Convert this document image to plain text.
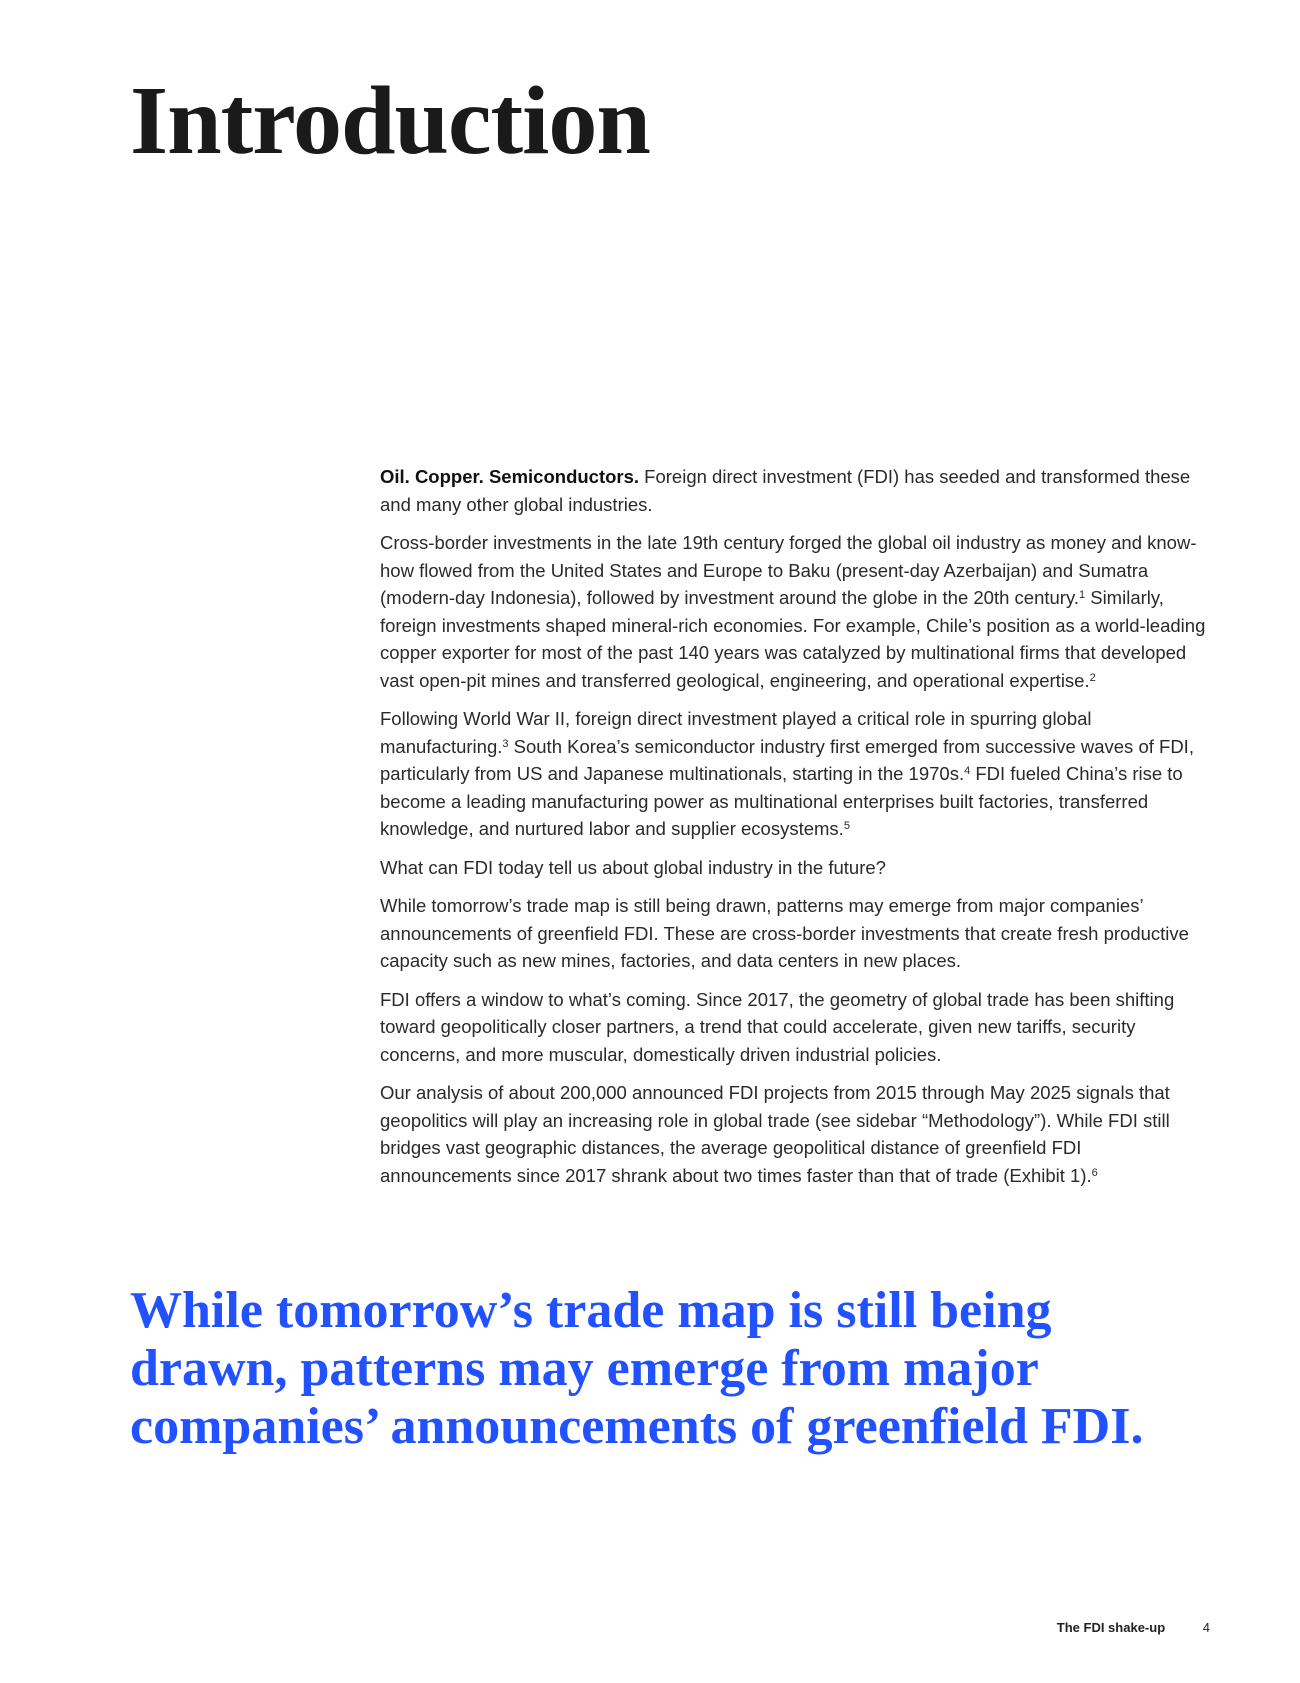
Introduction

Oil. Copper. Semiconductors. Foreign direct investment (FDI) has seeded and transformed these and many other global industries.

Cross-border investments in the late 19th century forged the global oil industry as money and know-how flowed from the United States and Europe to Baku (present-day Azerbaijan) and Sumatra (modern-day Indonesia), followed by investment around the globe in the 20th century.$^1$ Similarly, foreign investments shaped mineral-rich economies. For example, Chile’s position as a world-leading copper exporter for most of the past 140 years was catalyzed by multinational firms that developed vast open-pit mines and transferred geological, engineering, and operational expertise.$^2$

Following World War II, foreign direct investment played a critical role in spurring global manufacturing.$^3$ South Korea’s semiconductor industry first emerged from successive waves of FDI, particularly from US and Japanese multinationals, starting in the 1970s.$^4$ FDI fueled China’s rise to become a leading manufacturing power as multinational enterprises built factories, transferred knowledge, and nurtured labor and supplier ecosystems.$^5$

What can FDI today tell us about global industry in the future?

While tomorrow’s trade map is still being drawn, patterns may emerge from major companies’ announcements of greenfield FDI. These are cross-border investments that create fresh productive capacity such as new mines, factories, and data centers in new places.

FDI offers a window to what’s coming. Since 2017, the geometry of global trade has been shifting toward geopolitically closer partners, a trend that could accelerate, given new tariffs, security concerns, and more muscular, domestically driven industrial policies.

Our analysis of about 200,000 announced FDI projects from 2015 through May 2025 signals that geopolitics will play an increasing role in global trade (see sidebar “Methodology”). While FDI still bridges vast geographic distances, the average geopolitical distance of greenfield FDI announcements since 2017 shrank about two times faster than that of trade (Exhibit 1).$^6$

While tomorrow’s trade map is still being drawn, patterns may emerge from major companies’ announcements of greenfield FDI.

The FDI shake-up	4
